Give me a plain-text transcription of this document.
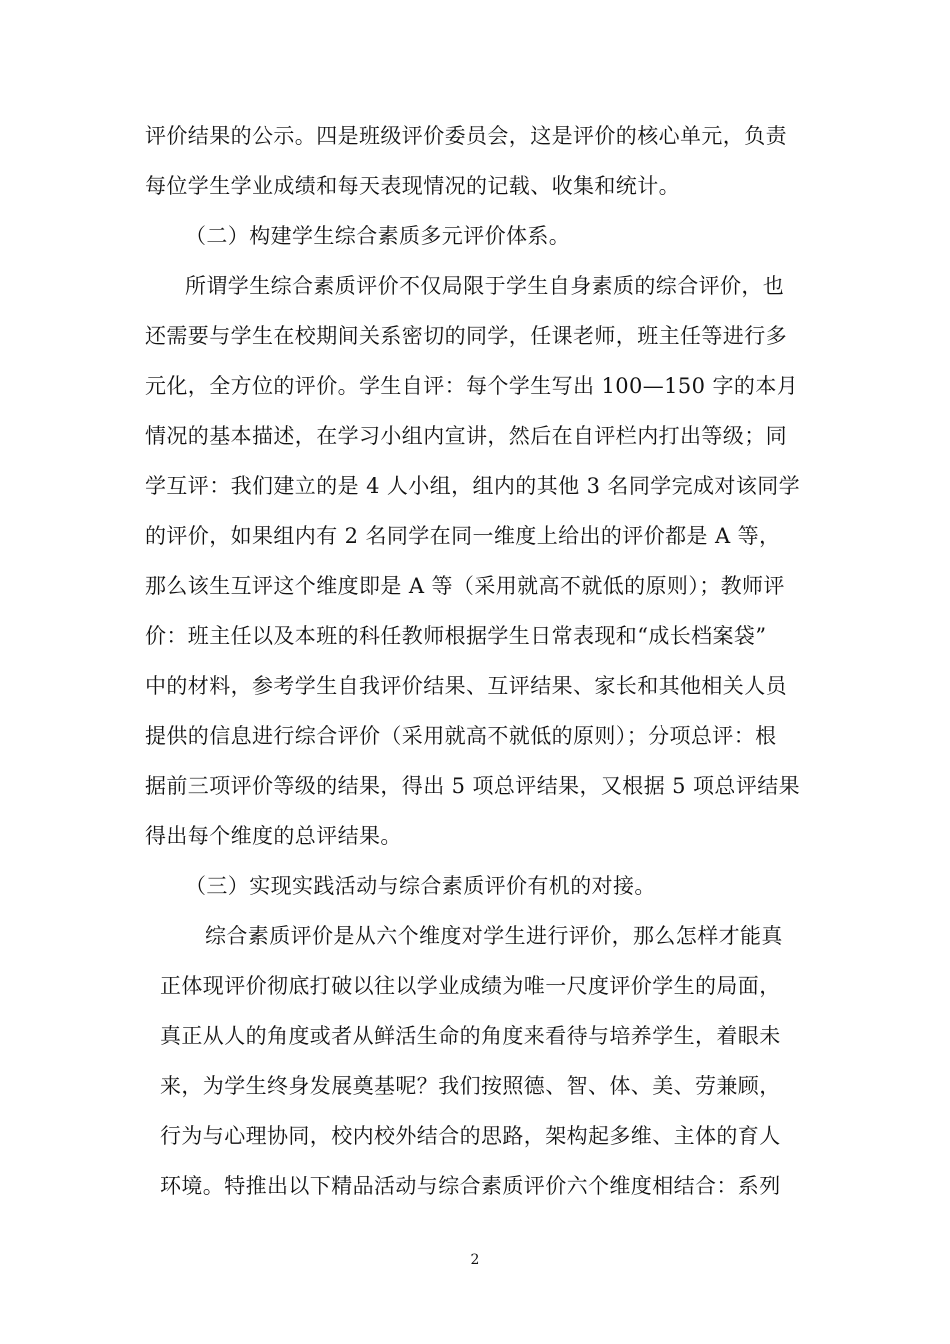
评价结果的公示。四是班级评价委员会，这是评价的核心单元，负责
每位学生学业成绩和每天表现情况的记载、收集和统计。
（二）构建学生综合素质多元评价体系。
所谓学生综合素质评价不仅局限于学生自身素质的综合评价，也
还需要与学生在校期间关系密切的同学，任课老师，班主任等进行多
元化，全方位的评价。学生自评：每个学生写出 100—150 字的本月
情况的基本描述，在学习小组内宣讲，然后在自评栏内打出等级；同
学互评：我们建立的是 4 人小组，组内的其他 3 名同学完成对该同学
的评价，如果组内有 2 名同学在同一维度上给出的评价都是 A 等，
那么该生互评这个维度即是 A 等（采用就高不就低的原则）；教师评
价：班主任以及本班的科任教师根据学生日常表现和“成长档案袋”
中的材料，参考学生自我评价结果、互评结果、家长和其他相关人员
提供的信息进行综合评价（采用就高不就低的原则）；分项总评：根
据前三项评价等级的结果，得出 5 项总评结果，又根据 5 项总评结果
得出每个维度的总评结果。
（三）实现实践活动与综合素质评价有机的对接。
综合素质评价是从六个维度对学生进行评价，那么怎样才能真
正体现评价彻底打破以往以学业成绩为唯一尺度评价学生的局面，
真正从人的角度或者从鲜活生命的角度来看待与培养学生，着眼未
来，为学生终身发展奠基呢？我们按照德、智、体、美、劳兼顾，
行为与心理协同，校内校外结合的思路，架构起多维、主体的育人
环境。特推出以下精品活动与综合素质评价六个维度相结合：系列
2
